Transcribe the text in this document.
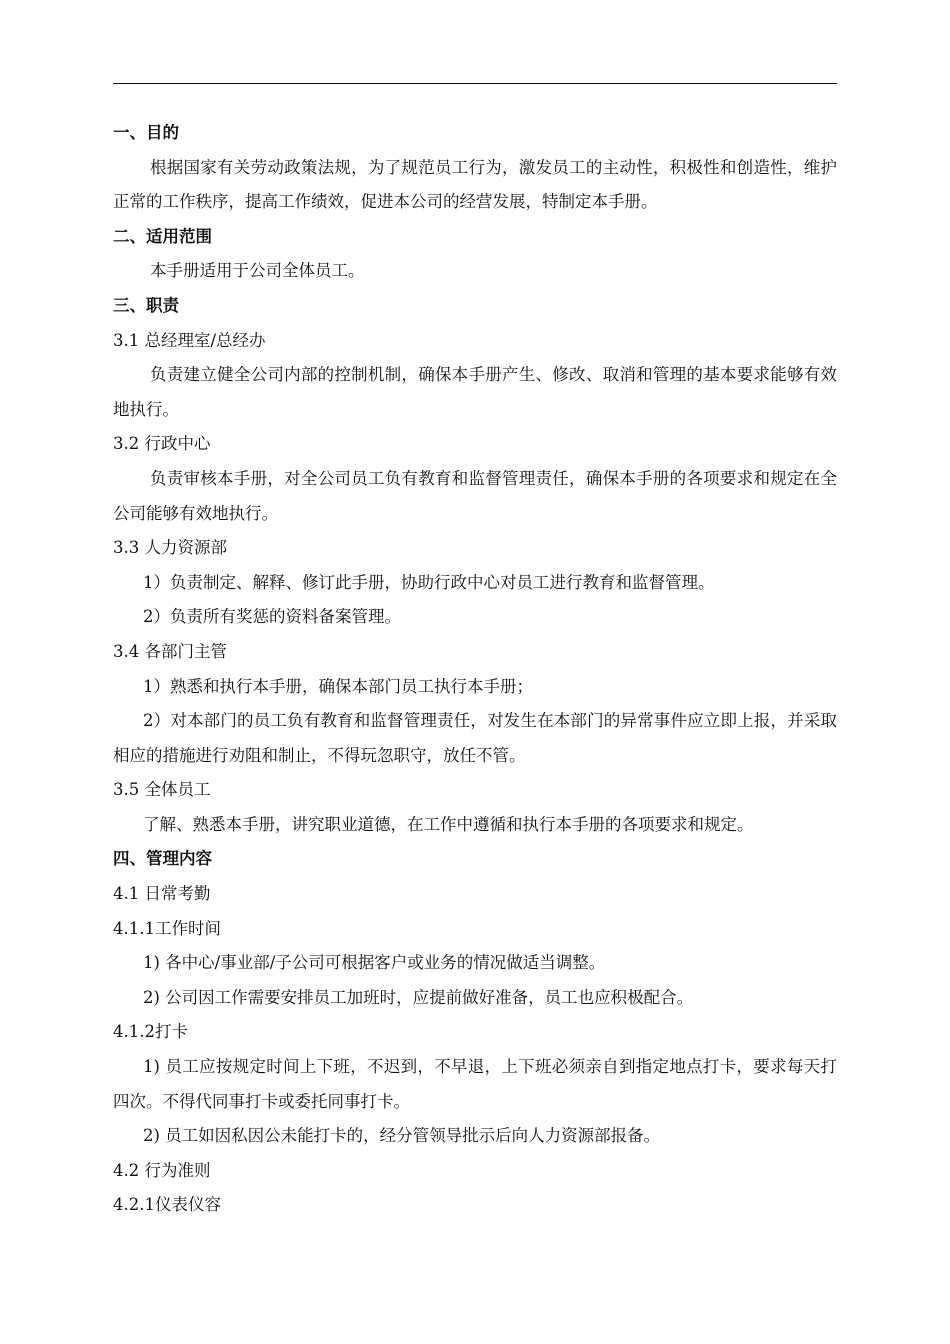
一、目的
根据国家有关劳动政策法规，为了规范员工行为，激发员工的主动性，积极性和创造性，维护正常的工作秩序，提高工作绩效，促进本公司的经营发展，特制定本手册。
二、适用范围
本手册适用于公司全体员工。
三、职责
3.1 总经理室/总经办
负责建立健全公司内部的控制机制，确保本手册产生、修改、取消和管理的基本要求能够有效地执行。
3.2 行政中心
负责审核本手册，对全公司员工负有教育和监督管理责任，确保本手册的各项要求和规定在全公司能够有效地执行。
3.3 人力资源部
1）负责制定、解释、修订此手册，协助行政中心对员工进行教育和监督管理。
2）负责所有奖惩的资料备案管理。
3.4 各部门主管
1）熟悉和执行本手册，确保本部门员工执行本手册；
2）对本部门的员工负有教育和监督管理责任，对发生在本部门的异常事件应立即上报，并采取相应的措施进行劝阻和制止，不得玩忽职守，放任不管。
3.5 全体员工
了解、熟悉本手册，讲究职业道德，在工作中遵循和执行本手册的各项要求和规定。
四、管理内容
4.1 日常考勤
4.1.1工作时间
1) 各中心/事业部/子公司可根据客户或业务的情况做适当调整。
2) 公司因工作需要安排员工加班时，应提前做好准备，员工也应积极配合。
4.1.2打卡
1) 员工应按规定时间上下班，不迟到，不早退，上下班必须亲自到指定地点打卡，要求每天打四次。不得代同事打卡或委托同事打卡。
2) 员工如因私因公未能打卡的，经分管领导批示后向人力资源部报备。
4.2 行为准则
4.2.1仪表仪容
